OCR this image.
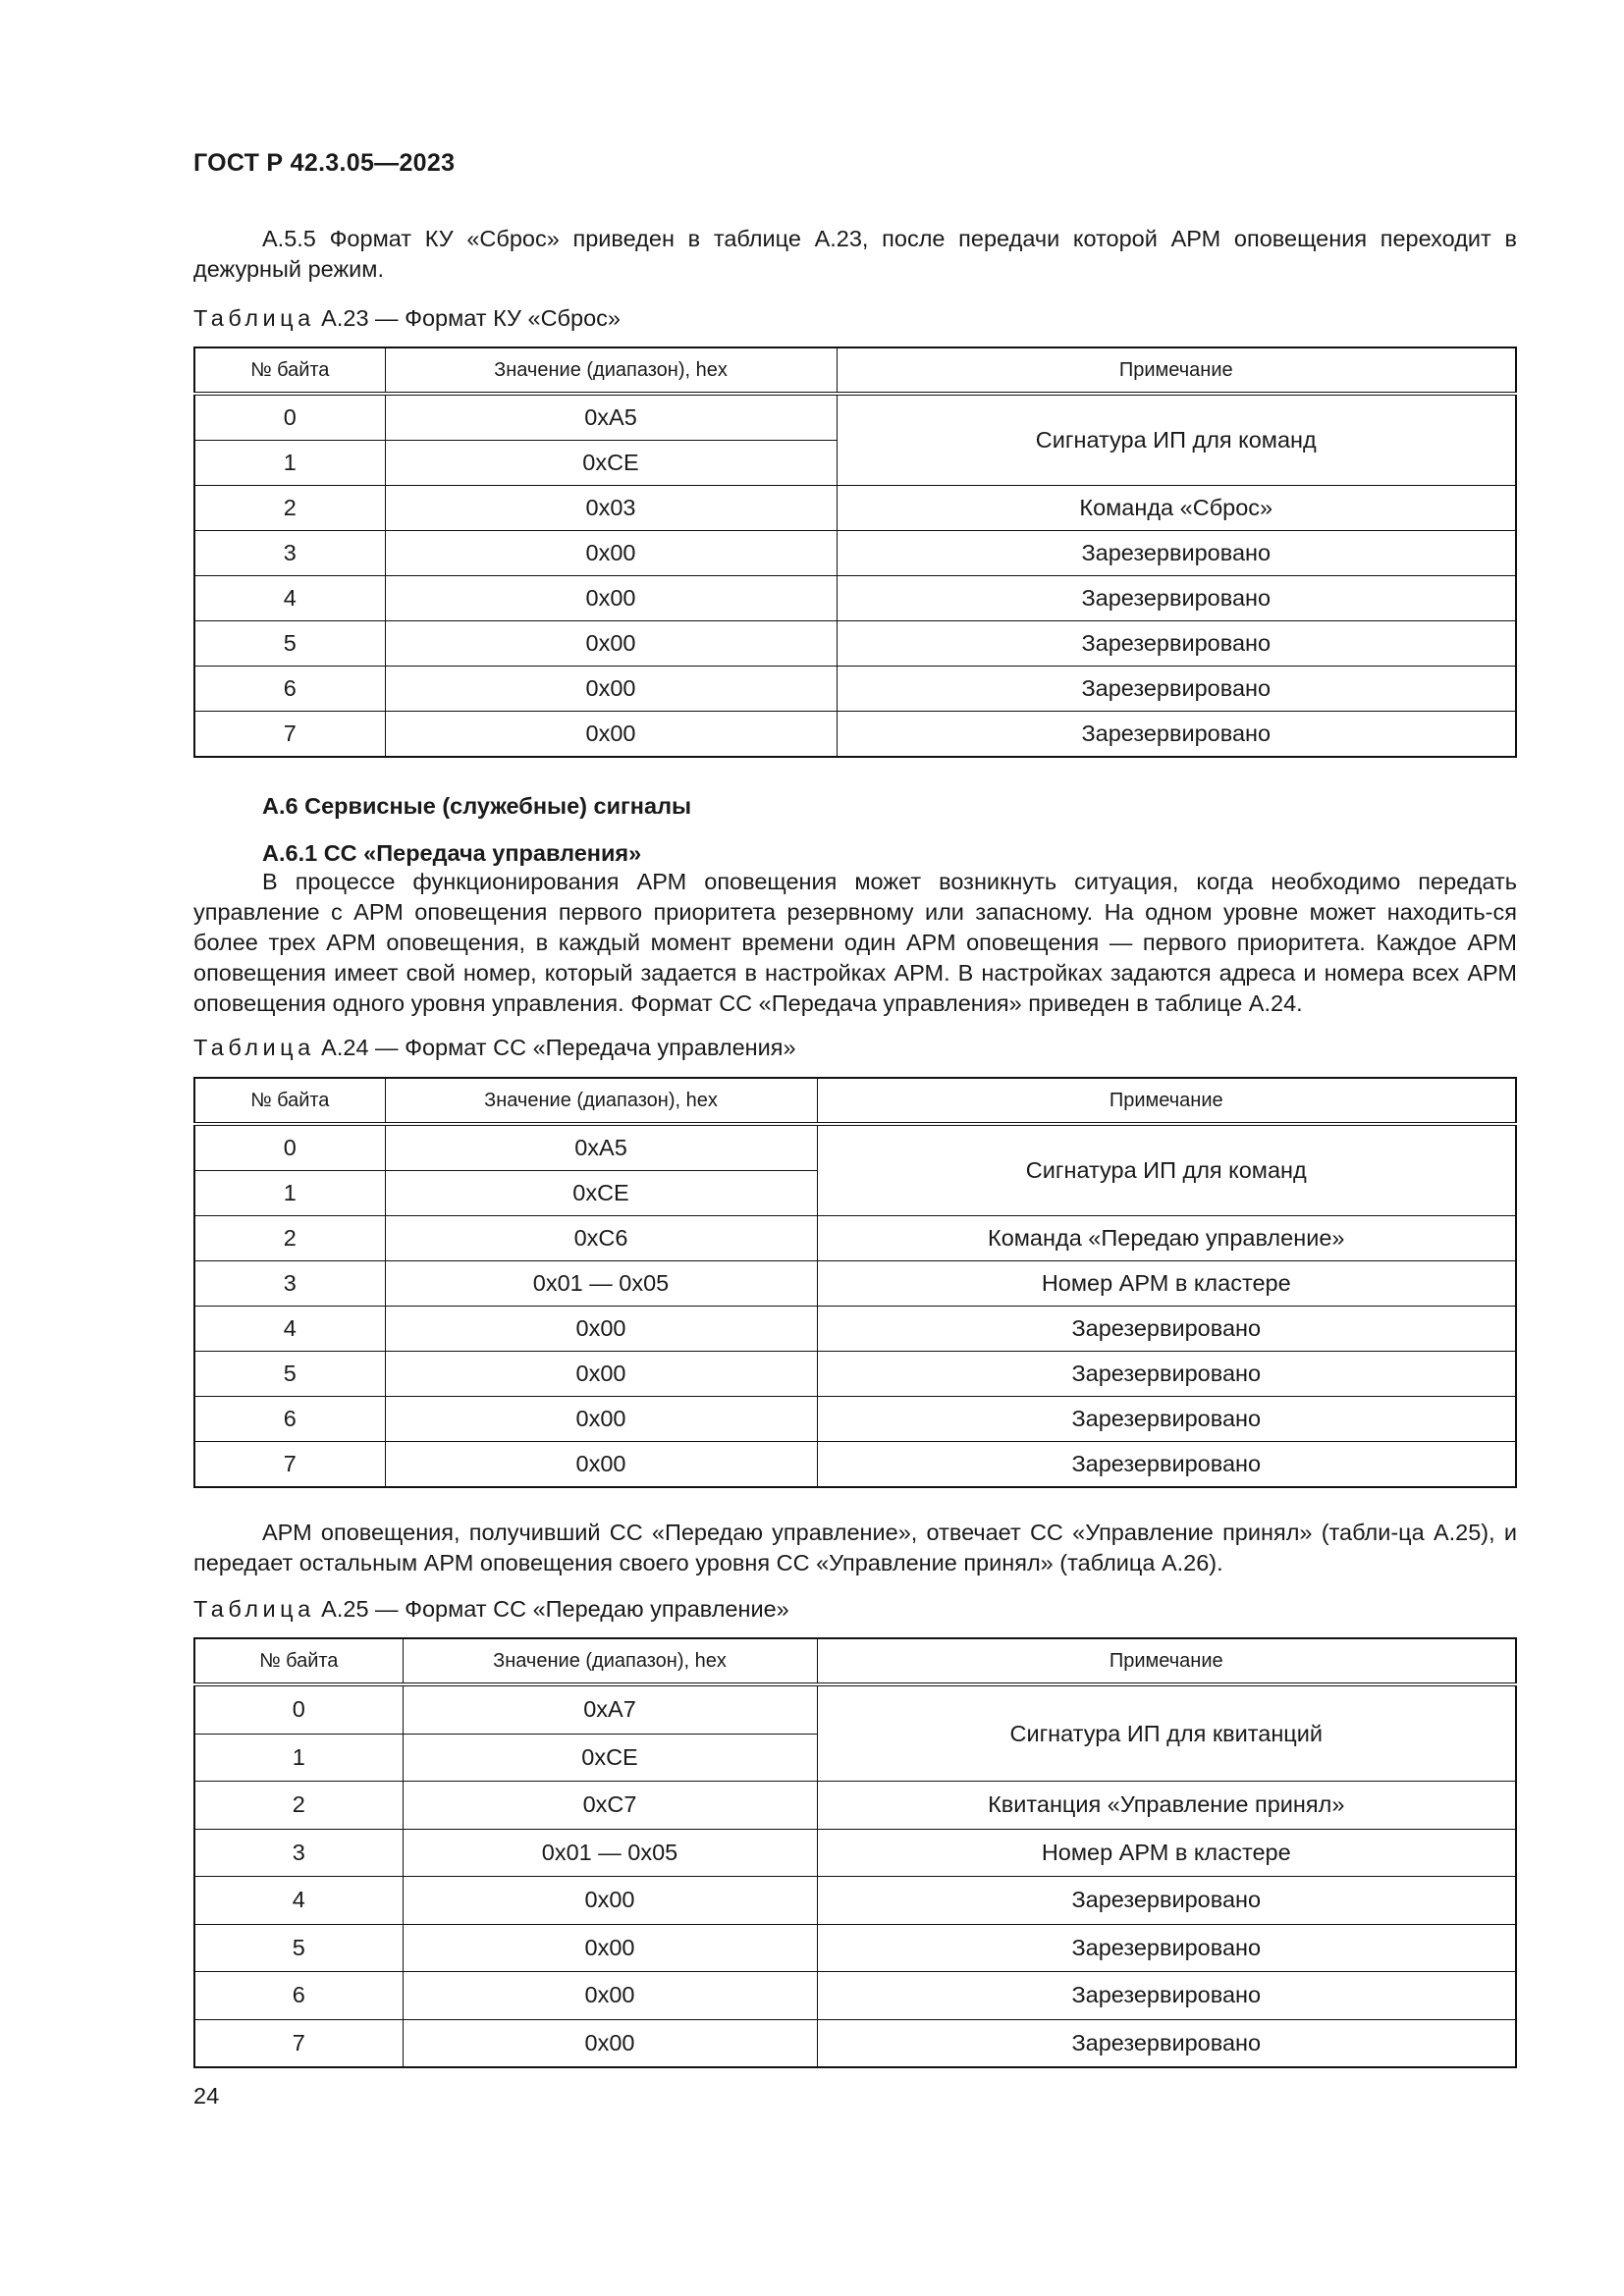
ГОСТ Р 42.3.05—2023
А.5.5 Формат КУ «Сброс» приведен в таблице А.23, после передачи которой АРМ оповещения переходит в дежурный режим.
Таблица А.23 — Формат КУ «Сброс»
№ байта	Значение (диапазон), hex	Примечание
0	0xA5	Сигнатура ИП для команд
1	0xCE	
2	0x03	Команда «Сброс»
3	0x00	Зарезервировано
4	0x00	Зарезервировано
5	0x00	Зарезервировано
6	0x00	Зарезервировано
7	0x00	Зарезервировано
А.6 Сервисные (служебные) сигналы
А.6.1 СС «Передача управления»
В процессе функционирования АРМ оповещения может возникнуть ситуация, когда необходимо передать управление с АРМ оповещения первого приоритета резервному или запасному. На одном уровне может находить-ся более трех АРМ оповещения, в каждый момент времени один АРМ оповещения — первого приоритета. Каждое АРМ оповещения имеет свой номер, который задается в настройках АРМ. В настройках задаются адреса и номера всех АРМ оповещения одного уровня управления. Формат СС «Передача управления» приведен в таблице А.24.
Таблица А.24 — Формат СС «Передача управления»
№ байта	Значение (диапазон), hex	Примечание
0	0xA5	Сигнатура ИП для команд
1	0xCE	
2	0xC6	Команда «Передаю управление»
3	0x01 — 0x05	Номер АРМ в кластере
4	0x00	Зарезервировано
5	0x00	Зарезервировано
6	0x00	Зарезервировано
7	0x00	Зарезервировано
АРМ оповещения, получивший СС «Передаю управление», отвечает СС «Управление принял» (табли-ца А.25), и передает остальным АРМ оповещения своего уровня СС «Управление принял» (таблица А.26).
Таблица А.25 — Формат СС «Передаю управление»
№ байта	Значение (диапазон), hex	Примечание
0	0xA7	Сигнатура ИП для квитанций
1	0xCE	
2	0xC7	Квитанция «Управление принял»
3	0x01 — 0x05	Номер АРМ в кластере
4	0x00	Зарезервировано
5	0x00	Зарезервировано
6	0x00	Зарезервировано
7	0x00	Зарезервировано
24
